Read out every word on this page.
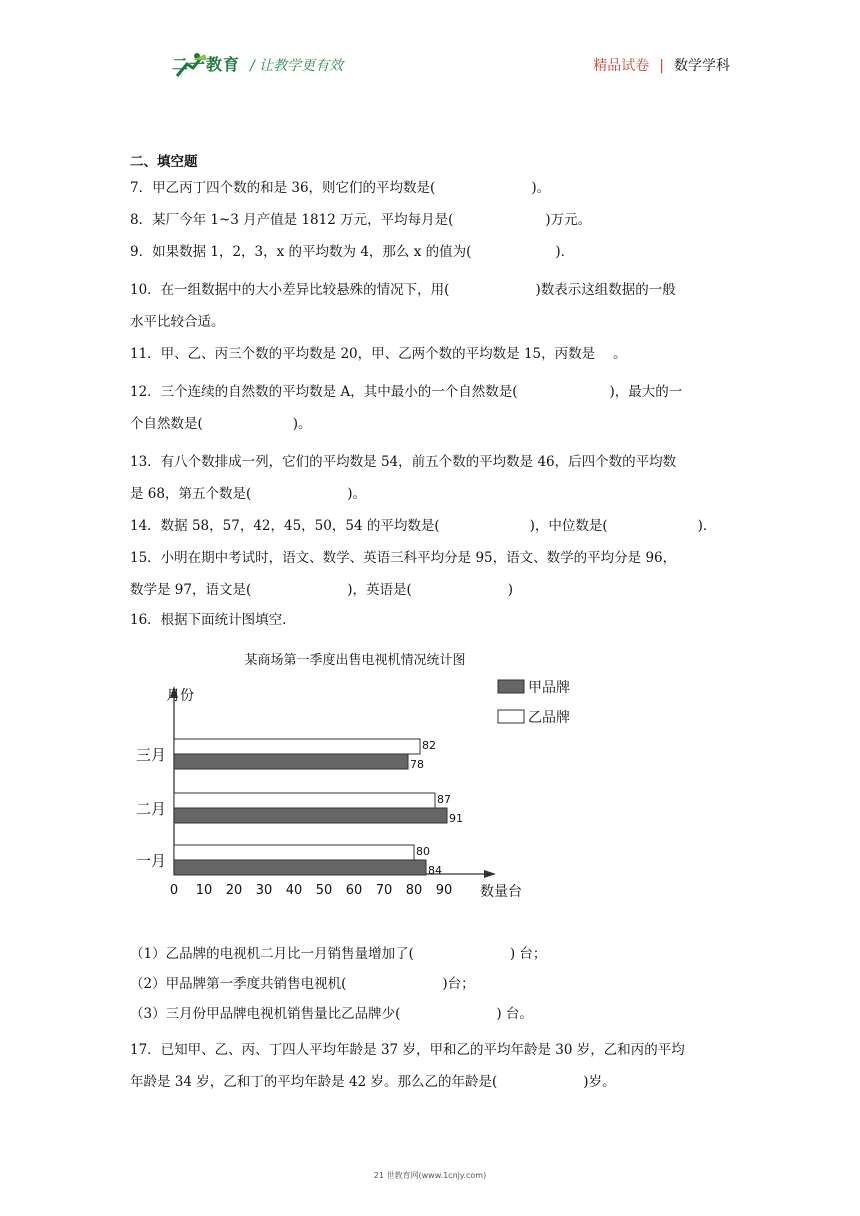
二一教育 / 让教学更有效	精品试卷 | 数学学科
二、填空题

7．甲乙丙丁四个数的和是 36，则它们的平均数是(	)。

8．某厂今年 1~3 月产值是 1812 万元，平均每月是(	)万元。

9．如果数据 1，2，3，x 的平均数为 4，那么 x 的值为(	)．

10．在一组数据中的大小差异比较悬殊的情况下，用(	)数表示这组数据的一般
水平比较合适。

11．甲、乙、丙三个数的平均数是 20，甲、乙两个数的平均数是 15，丙数是 。

12．三个连续的自然数的平均数是 A，其中最小的一个自然数是(	)，最大的一
个自然数是(	)。

13．有八个数排成一列，它们的平均数是 54，前五个数的平均数是 46，后四个数的平均数
是 68，第五个数是(	)。

14．数据 58，57，42，45，50，54 的平均数是(	)，中位数是(	)．

15．小明在期中考试时，语文、数学、英语三科平均分是 95，语文、数学的平均分是 96，
数学是 97，语文是(	)，英语是(	)

16．根据下面统计图填空．

某商场第一季度出售电视机情况统计图
月份
0 10 20 30 40 50 60 70 80 90 数量台
一月
80
84
二月
87
91
三月
82
78
甲品牌
乙品牌

（1）乙品牌的电视机二月比一月销售量增加了(	) 台；

（2）甲品牌第一季度共销售电视机(	)台；

（3）三月份甲品牌电视机销售量比乙品牌少(	) 台。

17．已知甲、乙、丙、丁四人平均年龄是 37 岁，甲和乙的平均年龄是 30 岁，乙和丙的平均
年龄是 34 岁，乙和丁的平均年龄是 42 岁。那么乙的年龄是(	)岁。

21 世教育网(www.1cnjy.com)
